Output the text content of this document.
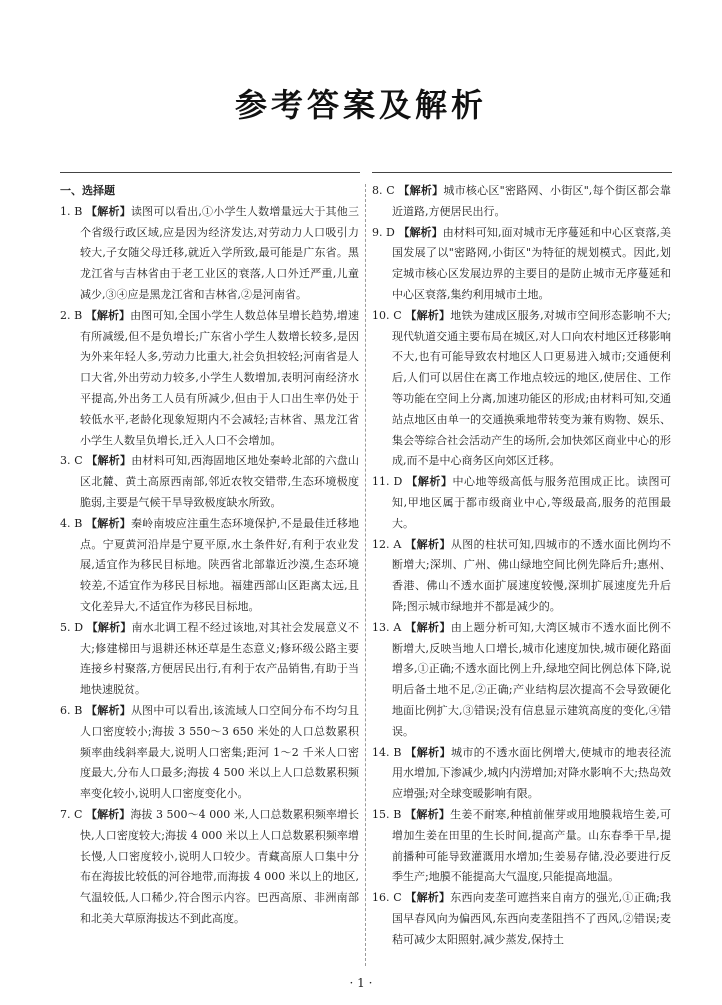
参考答案及解析
一、选择题
1. B 【解析】读图可以看出,①小学生人数增量远大于其他三个省级行政区域,应是因为经济发达,对劳动力人口吸引力较大,子女随父母迁移,就近入学所致,最可能是广东省。黑龙江省与吉林省由于老工业区的衰落,人口外迁严重,儿童减少,③④应是黑龙江省和吉林省,②是河南省。
2. B 【解析】由图可知,全国小学生人数总体呈增长趋势,增速有所减缓,但不是负增长;广东省小学生人数增长较多,是因为外来年轻人多,劳动力比重大,社会负担较轻;河南省是人口大省,外出劳动力较多,小学生人数增加,表明河南经济水平提高,外出务工人员有所减少,但由于人口出生率仍处于较低水平,老龄化现象短期内不会减轻;吉林省、黑龙江省小学生人数呈负增长,迁入人口不会增加。
3. C 【解析】由材料可知,西海固地区地处秦岭北部的六盘山区北麓、黄土高原西南部,邻近农牧交错带,生态环境极度脆弱,主要是气候干旱导致极度缺水所致。
4. B 【解析】秦岭南坡应注重生态环境保护,不是最佳迁移地点。宁夏黄河沿岸是宁夏平原,水土条件好,有利于农业发展,适宜作为移民目标地。陕西省北部靠近沙漠,生态环境较差,不适宜作为移民目标地。福建西部山区距离太远,且文化差异大,不适宜作为移民目标地。
5. D 【解析】南水北调工程不经过该地,对其社会发展意义不大;修建梯田与退耕还林还草是生态意义;修环级公路主要连接乡村聚落,方便居民出行,有利于农产品销售,有助于当地快速脱贫。
6. B 【解析】从图中可以看出,该流域人口空间分布不均匀且人口密度较小;海拔 3 550～3 650 米处的人口总数累积频率曲线斜率最大,说明人口密集;距河 1～2 千米人口密度最大,分布人口最多;海拔 4 500 米以上人口总数累积频率变化较小,说明人口密度变化小。
7. C 【解析】海拔 3 500～4 000 米,人口总数累积频率增长快,人口密度较大;海拔 4 000 米以上人口总数累积频率增长慢,人口密度较小,说明人口较少。青藏高原人口集中分布在海拔比较低的河谷地带,而海拔 4 000 米以上的地区,气温较低,人口稀少,符合图示内容。巴西高原、非洲南部和北美大草原海拔达不到此高度。
8. C 【解析】城市核心区"密路网、小街区",每个街区都会靠近道路,方便居民出行。
9. D 【解析】由材料可知,面对城市无序蔓延和中心区衰落,美国发展了以"密路网,小街区"为特征的规划模式。因此,划定城市核心区发展边界的主要目的是防止城市无序蔓延和中心区衰落,集约利用城市土地。
10. C 【解析】地铁为建成区服务,对城市空间形态影响不大;现代轨道交通主要布局在城区,对人口向农村地区迁移影响不大,也有可能导致农村地区人口更易进入城市;交通便利后,人们可以居住在离工作地点较远的地区,使居住、工作等功能在空间上分离,加速功能区的形成;由材料可知,交通站点地区由单一的交通换乘地带转变为兼有购物、娱乐、集会等综合社会活动产生的场所,会加快郊区商业中心的形成,而不是中心商务区向郊区迁移。
11. D 【解析】中心地等级高低与服务范围成正比。读图可知,甲地区属于都市级商业中心,等级最高,服务的范围最大。
12. A 【解析】从图的柱状可知,四城市的不透水面比例均不断增大;深圳、广州、佛山绿地空间比例先降后升;惠州、香港、佛山不透水面扩展速度较慢,深圳扩展速度先升后降;图示城市绿地并不都是减少的。
13. A 【解析】由上题分析可知,大湾区城市不透水面比例不断增大,反映当地人口增长,城市化速度加快,城市硬化路面增多,①正确;不透水面比例上升,绿地空间比例总体下降,说明后备土地不足,②正确;产业结构层次提高不会导致硬化地面比例扩大,③错误;没有信息显示建筑高度的变化,④错误。
14. B 【解析】城市的不透水面比例增大,使城市的地表径流用水增加,下渗减少,城内内涝增加;对降水影响不大;热岛效应增强;对全球变暖影响有限。
15. B 【解析】生姜不耐寒,种植前催芽或用地膜栽培生姜,可增加生姜在田里的生长时间,提高产量。山东春季干旱,提前播种可能导致灌溉用水增加;生姜易存储,没必要进行反季生产;地膜不能提高大气温度,只能提高地温。
16. C 【解析】东西向麦垄可遮挡来自南方的强光,①正确;我国早春风向为偏西风,东西向麦垄阻挡不了西风,②错误;麦秸可减少太阳照射,减少蒸发,保持土
· 1 ·
